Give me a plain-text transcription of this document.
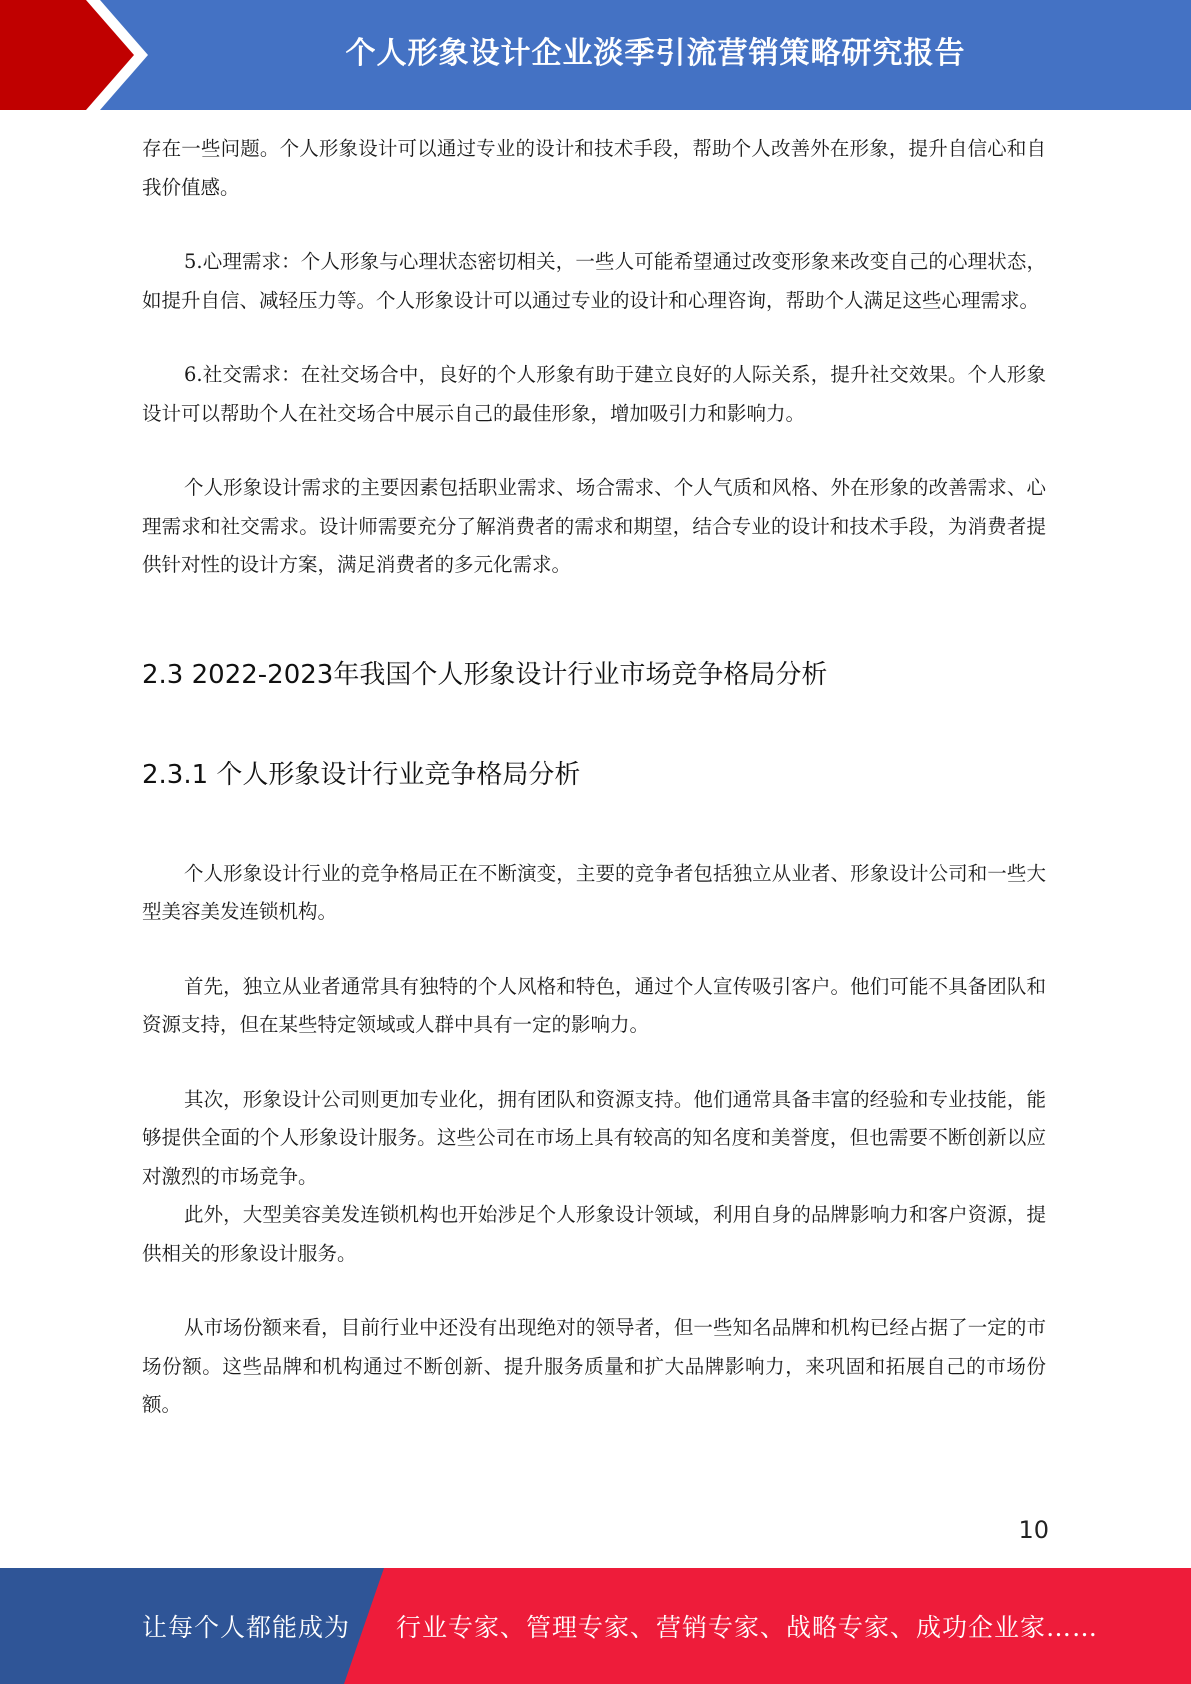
个人形象设计企业淡季引流营销策略研究报告

存在一些问题。个人形象设计可以通过专业的设计和技术手段，帮助个人改善外在形象，提升自信心和自我价值感。

5.心理需求：个人形象与心理状态密切相关，一些人可能希望通过改变形象来改变自己的心理状态，如提升自信、减轻压力等。个人形象设计可以通过专业的设计和心理咨询，帮助个人满足这些心理需求。

6.社交需求：在社交场合中，良好的个人形象有助于建立良好的人际关系，提升社交效果。个人形象设计可以帮助个人在社交场合中展示自己的最佳形象，增加吸引力和影响力。

个人形象设计需求的主要因素包括职业需求、场合需求、个人气质和风格、外在形象的改善需求、心理需求和社交需求。设计师需要充分了解消费者的需求和期望，结合专业的设计和技术手段，为消费者提供针对性的设计方案，满足消费者的多元化需求。

2.3 2022-2023年我国个人形象设计行业市场竞争格局分析
2.3.1 个人形象设计行业竞争格局分析

个人形象设计行业的竞争格局正在不断演变，主要的竞争者包括独立从业者、形象设计公司和一些大型美容美发连锁机构。

首先，独立从业者通常具有独特的个人风格和特色，通过个人宣传吸引客户。他们可能不具备团队和资源支持，但在某些特定领域或人群中具有一定的影响力。

其次，形象设计公司则更加专业化，拥有团队和资源支持。他们通常具备丰富的经验和专业技能，能够提供全面的个人形象设计服务。这些公司在市场上具有较高的知名度和美誉度，但也需要不断创新以应对激烈的市场竞争。

此外，大型美容美发连锁机构也开始涉足个人形象设计领域，利用自身的品牌影响力和客户资源，提供相关的形象设计服务。

从市场份额来看，目前行业中还没有出现绝对的领导者，但一些知名品牌和机构已经占据了一定的市场份额。这些品牌和机构通过不断创新、提升服务质量和扩大品牌影响力，来巩固和拓展自己的市场份额。

10
让每个人都能成为 行业专家、管理专家、营销专家、战略专家、成功企业家……
